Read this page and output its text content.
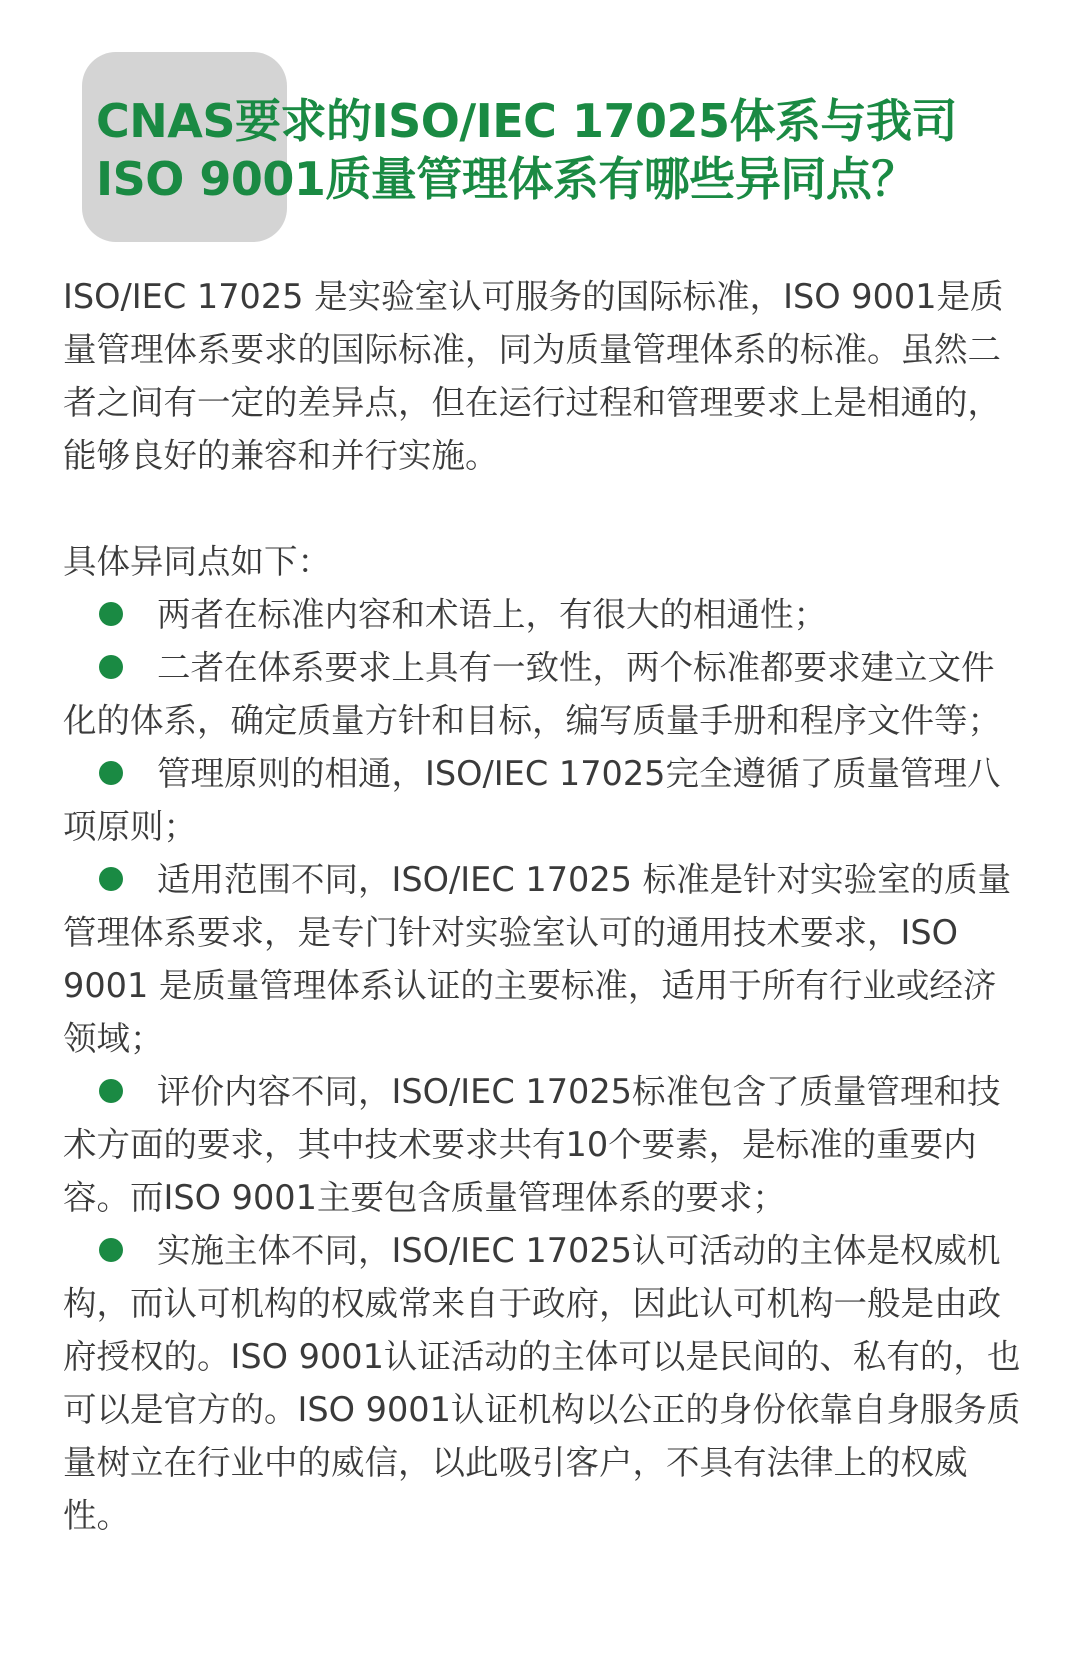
CNAS要求的ISO/IEC 17025体系与我司
ISO 9001质量管理体系有哪些异同点？

ISO/IEC 17025 是实验室认可服务的国际标准，ISO 9001是质量管理体系要求的国际标准，同为质量管理体系的标准。虽然二者之间有一定的差异点，但在运行过程和管理要求上是相通的，能够良好的兼容和并行实施。

具体异同点如下：

两者在标准内容和术语上，有很大的相通性；
二者在体系要求上具有一致性，两个标准都要求建立文件化的体系，确定质量方针和目标，编写质量手册和程序文件等；
管理原则的相通，ISO/IEC 17025完全遵循了质量管理八项原则；
适用范围不同，ISO/IEC 17025 标准是针对实验室的质量管理体系要求，是专门针对实验室认可的通用技术要求，ISO 9001 是质量管理体系认证的主要标准，适用于所有行业或经济领域；
评价内容不同，ISO/IEC 17025标准包含了质量管理和技术方面的要求，其中技术要求共有10个要素，是标准的重要内容。而ISO 9001主要包含质量管理体系的要求；
实施主体不同，ISO/IEC 17025认可活动的主体是权威机构，而认可机构的权威常来自于政府，因此认可机构一般是由政府授权的。ISO 9001认证活动的主体可以是民间的、私有的，也可以是官方的。ISO 9001认证机构以公正的身份依靠自身服务质量树立在行业中的威信，以此吸引客户，不具有法律上的权威性。
